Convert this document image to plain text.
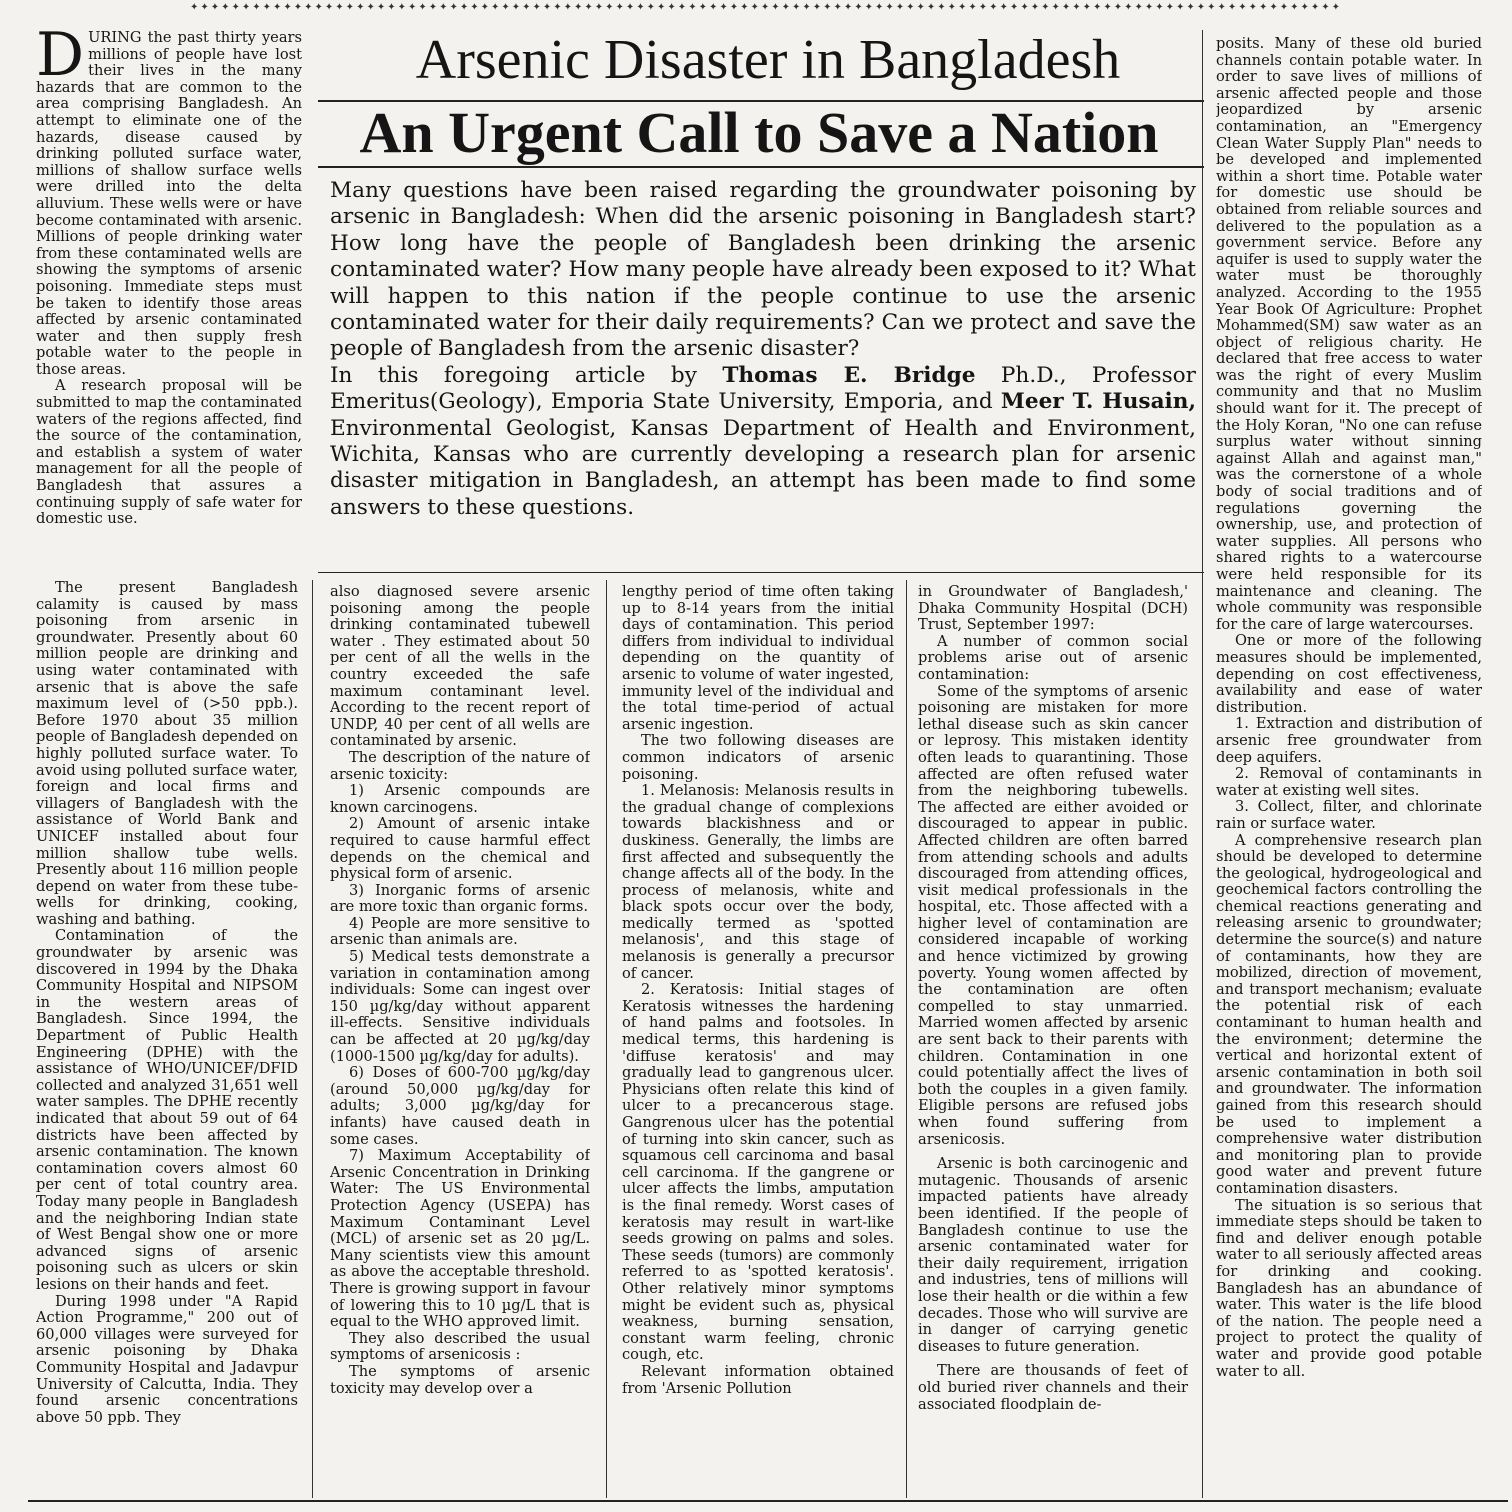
✦✦✦✦✦✦✦✦✦✦✦✦✦✦✦✦✦✦✦✦✦✦✦✦✦✦✦✦✦✦✦✦✦✦✦✦✦✦✦✦✦✦✦✦✦✦✦✦✦✦✦✦✦✦✦✦✦✦✦✦✦✦✦✦✦✦✦✦✦✦✦✦✦✦✦✦✦✦✦✦✦✦✦✦✦✦✦✦✦✦✦✦✦✦✦✦✦✦✦✦✦✦✦✦✦✦✦✦✦✦✦

DURING the past thirty years millions of people have lost their lives in the many hazards that are common to the area comprising Bangladesh. An attempt to eliminate one of the hazards, disease caused by drinking polluted surface water, millions of shallow surface wells were drilled into the delta alluvium. These wells were or have become contaminated with arsenic. Millions of people drinking water from these contaminated wells are showing the symptoms of arsenic poisoning. Immediate steps must be taken to identify those areas affected by arsenic contaminated water and then supply fresh potable water to the people in those areas.

A research proposal will be submitted to map the contaminated waters of the regions affected, find the source of the contamination, and establish a system of water management for all the people of Bangladesh that assures a continuing supply of safe water for domestic use.

Arsenic Disaster in Bangladesh
An Urgent Call to Save a Nation

Many questions have been raised regarding the groundwater poisoning by arsenic in Bangladesh: When did the arsenic poisoning in Bangladesh start? How long have the people of Bangladesh been drinking the arsenic contaminated water? How many people have already been exposed to it? What will happen to this nation if the people continue to use the arsenic contaminated water for their daily requirements? Can we protect and save the people of Bangladesh from the arsenic disaster?

In this foregoing article by Thomas E. Bridge Ph.D., Professor Emeritus(Geology), Emporia State University, Emporia, and Meer T. Husain, Environmental Geologist, Kansas Department of Health and Environment, Wichita, Kansas who are currently developing a research plan for arsenic disaster mitigation in Bangladesh, an attempt has been made to find some answers to these questions.

The present Bangladesh calamity is caused by mass poisoning from arsenic in groundwater. Presently about 60 million people are drinking and using water contaminated with arsenic that is above the safe maximum level of (>50 ppb.). Before 1970 about 35 million people of Bangladesh depended on highly polluted surface water. To avoid using polluted surface water, foreign and local firms and villagers of Bangladesh with the assistance of World Bank and UNICEF installed about four million shallow tube wells. Presently about 116 million people depend on water from these tube-wells for drinking, cooking, washing and bathing.

Contamination of the groundwater by arsenic was discovered in 1994 by the Dhaka Community Hospital and NIPSOM in the western areas of Bangladesh. Since 1994, the Department of Public Health Engineering (DPHE) with the assistance of WHO/UNICEF/DFID collected and analyzed 31,651 well water samples. The DPHE recently indicated that about 59 out of 64 districts have been affected by arsenic contamination. The known contamination covers almost 60 per cent of total country area. Today many people in Bangladesh and the neighboring Indian state of West Bengal show one or more advanced signs of arsenic poisoning such as ulcers or skin lesions on their hands and feet.

During 1998 under "A Rapid Action Programme," 200 out of 60,000 villages were surveyed for arsenic poisoning by Dhaka Community Hospital and Jadavpur University of Calcutta, India. They found arsenic concentrations above 50 ppb. They

also diagnosed severe arsenic poisoning among the people drinking contaminated tubewell water . They estimated about 50 per cent of all the wells in the country exceeded the safe maximum contaminant level. According to the recent report of UNDP, 40 per cent of all wells are contaminated by arsenic.

The description of the nature of arsenic toxicity:

1) Arsenic compounds are known carcinogens.

2) Amount of arsenic intake required to cause harmful effect depends on the chemical and physical form of arsenic.

3) Inorganic forms of arsenic are more toxic than organic forms.

4) People are more sensitive to arsenic than animals are.

5) Medical tests demonstrate a variation in contamination among individuals: Some can ingest over 150 µg/kg/day without apparent ill-effects. Sensitive individuals can be affected at 20 µg/kg/day (1000-1500 µg/kg/day for adults).

6) Doses of 600-700 µg/kg/day (around 50,000 µg/kg/day for adults; 3,000 µg/kg/day for infants) have caused death in some cases.

7) Maximum Acceptability of Arsenic Concentration in Drinking Water: The US Environmental Protection Agency (USEPA) has Maximum Contaminant Level (MCL) of arsenic set as 20 µg/L. Many scientists view this amount as above the acceptable threshold. There is growing support in favour of lowering this to 10 µg/L that is equal to the WHO approved limit.

They also described the usual symptoms of arsenicosis :

The symptoms of arsenic toxicity may develop over a

lengthy period of time often taking up to 8-14 years from the initial days of contamination. This period differs from individual to individual depending on the quantity of arsenic to volume of water ingested, immunity level of the individual and the total time-period of actual arsenic ingestion.

The two following diseases are common indicators of arsenic poisoning.

1. Melanosis: Melanosis results in the gradual change of complexions towards blackishness and or duskiness. Generally, the limbs are first affected and subsequently the change affects all of the body. In the process of melanosis, white and black spots occur over the body, medically termed as 'spotted melanosis', and this stage of melanosis is generally a precursor of cancer.

2. Keratosis: Initial stages of Keratosis witnesses the hardening of hand palms and footsoles. In medical terms, this hardening is 'diffuse keratosis' and may gradually lead to gangrenous ulcer. Physicians often relate this kind of ulcer to a precancerous stage. Gangrenous ulcer has the potential of turning into skin cancer, such as squamous cell carcinoma and basal cell carcinoma. If the gangrene or ulcer affects the limbs, amputation is the final remedy. Worst cases of keratosis may result in wart-like seeds growing on palms and soles. These seeds (tumors) are commonly referred to as 'spotted keratosis'. Other relatively minor symptoms might be evident such as, physical weakness, burning sensation, constant warm feeling, chronic cough, etc.

Relevant information obtained from 'Arsenic Pollution

in Groundwater of Bangladesh,' Dhaka Community Hospital (DCH) Trust, September 1997:

A number of common social problems arise out of arsenic contamination:

Some of the symptoms of arsenic poisoning are mistaken for more lethal disease such as skin cancer or leprosy. This mistaken identity often leads to quarantining. Those affected are often refused water from the neighboring tubewells. The affected are either avoided or discouraged to appear in public. Affected children are often barred from attending schools and adults discouraged from attending offices, visit medical professionals in the hospital, etc. Those affected with a higher level of contamination are considered incapable of working and hence victimized by growing poverty. Young women affected by the contamination are often compelled to stay unmarried. Married women affected by arsenic are sent back to their parents with children. Contamination in one could potentially affect the lives of both the couples in a given family. Eligible persons are refused jobs when found suffering from arsenicosis.

Arsenic is both carcinogenic and mutagenic. Thousands of arsenic impacted patients have already been identified. If the people of Bangladesh continue to use the arsenic contaminated water for their daily requirement, irrigation and industries, tens of millions will lose their health or die within a few decades. Those who will survive are in danger of carrying genetic diseases to future generation.

There are thousands of feet of old buried river channels and their associated floodplain de-

posits. Many of these old buried channels contain potable water. In order to save lives of millions of arsenic affected people and those jeopardized by arsenic contamination, an "Emergency Clean Water Supply Plan" needs to be developed and implemented within a short time. Potable water for domestic use should be obtained from reliable sources and delivered to the population as a government service. Before any aquifer is used to supply water the water must be thoroughly analyzed. According to the 1955 Year Book Of Agriculture: Prophet Mohammed(SM) saw water as an object of religious charity. He declared that free access to water was the right of every Muslim community and that no Muslim should want for it. The precept of the Holy Koran, "No one can refuse surplus water without sinning against Allah and against man," was the cornerstone of a whole body of social traditions and of regulations governing the ownership, use, and protection of water supplies. All persons who shared rights to a watercourse were held responsible for its maintenance and cleaning. The whole community was responsible for the care of large watercourses.

One or more of the following measures should be implemented, depending on cost effectiveness, availability and ease of water distribution.

1. Extraction and distribution of arsenic free groundwater from deep aquifers.

2. Removal of contaminants in water at existing well sites.

3. Collect, filter, and chlorinate rain or surface water.

A comprehensive research plan should be developed to determine the geological, hydrogeological and geochemical factors controlling the chemical reactions generating and releasing arsenic to groundwater; determine the source(s) and nature of contaminants, how they are mobilized, direction of movement, and transport mechanism; evaluate the potential risk of each contaminant to human health and the environment; determine the vertical and horizontal extent of arsenic contamination in both soil and groundwater. The information gained from this research should be used to implement a comprehensive water distribution and monitoring plan to provide good water and prevent future contamination disasters.

The situation is so serious that immediate steps should be taken to find and deliver enough potable water to all seriously affected areas for drinking and cooking. Bangladesh has an abundance of water. This water is the life blood of the nation. The people need a project to protect the quality of water and provide good potable water to all.
